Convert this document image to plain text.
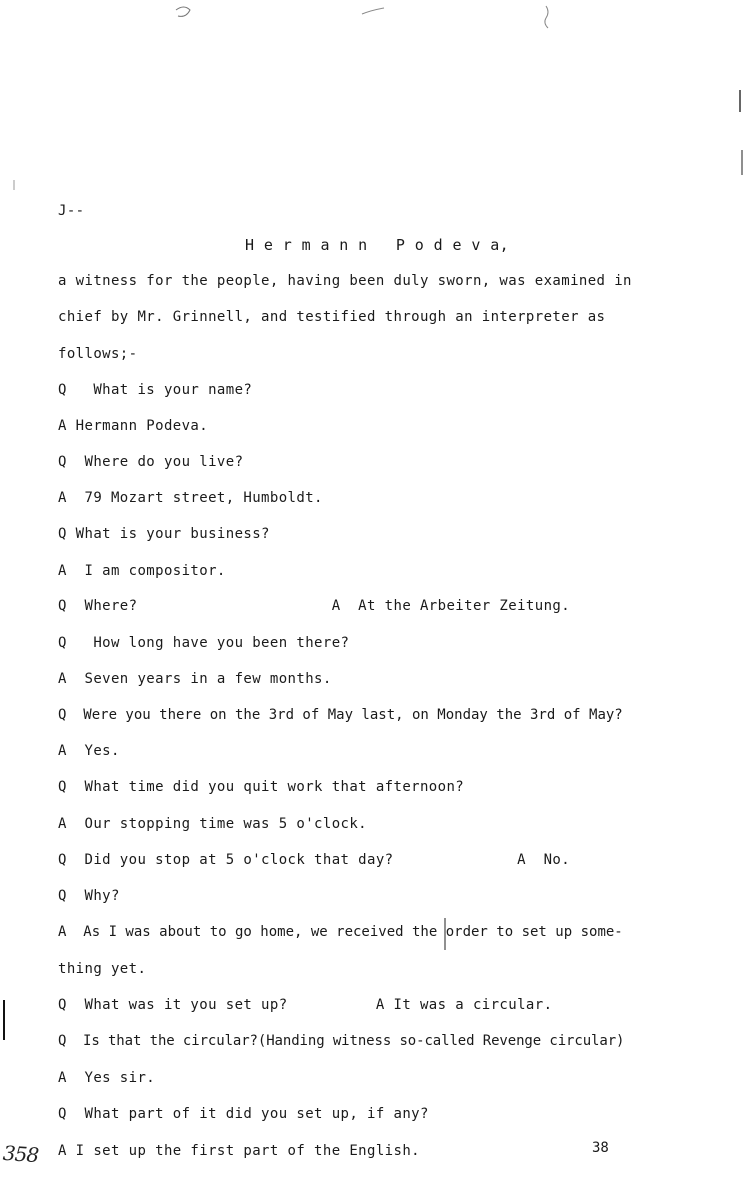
J--
H e r m a n n   P o d e v a,
a witness for the people, having been duly sworn, was examined in
chief by Mr. Grinnell, and testified through an interpreter as
follows;-
Q   What is your name?
A Hermann Podeva.
Q  Where do you live?
A  79 Mozart street, Humboldt.
Q What is your business?
A  I am compositor.
Q  Where?                      A  At the Arbeiter Zeitung.
Q   How long have you been there?
A  Seven years in a few months.
Q  Were you there on the 3rd of May last, on Monday the 3rd of May?
A  Yes.
Q  What time did you quit work that afternoon?
A  Our stopping time was 5 o'clock.
Q  Did you stop at 5 o'clock that day?              A  No.
Q  Why?
A  As I was about to go home, we received the order to set up some-
thing yet.
Q  What was it you set up?          A It was a circular.
Q  Is that the circular?(Handing witness so-called Revenge circular)
A  Yes sir.
Q  What part of it did you set up, if any?
A I set up the first part of the English.	38
358
